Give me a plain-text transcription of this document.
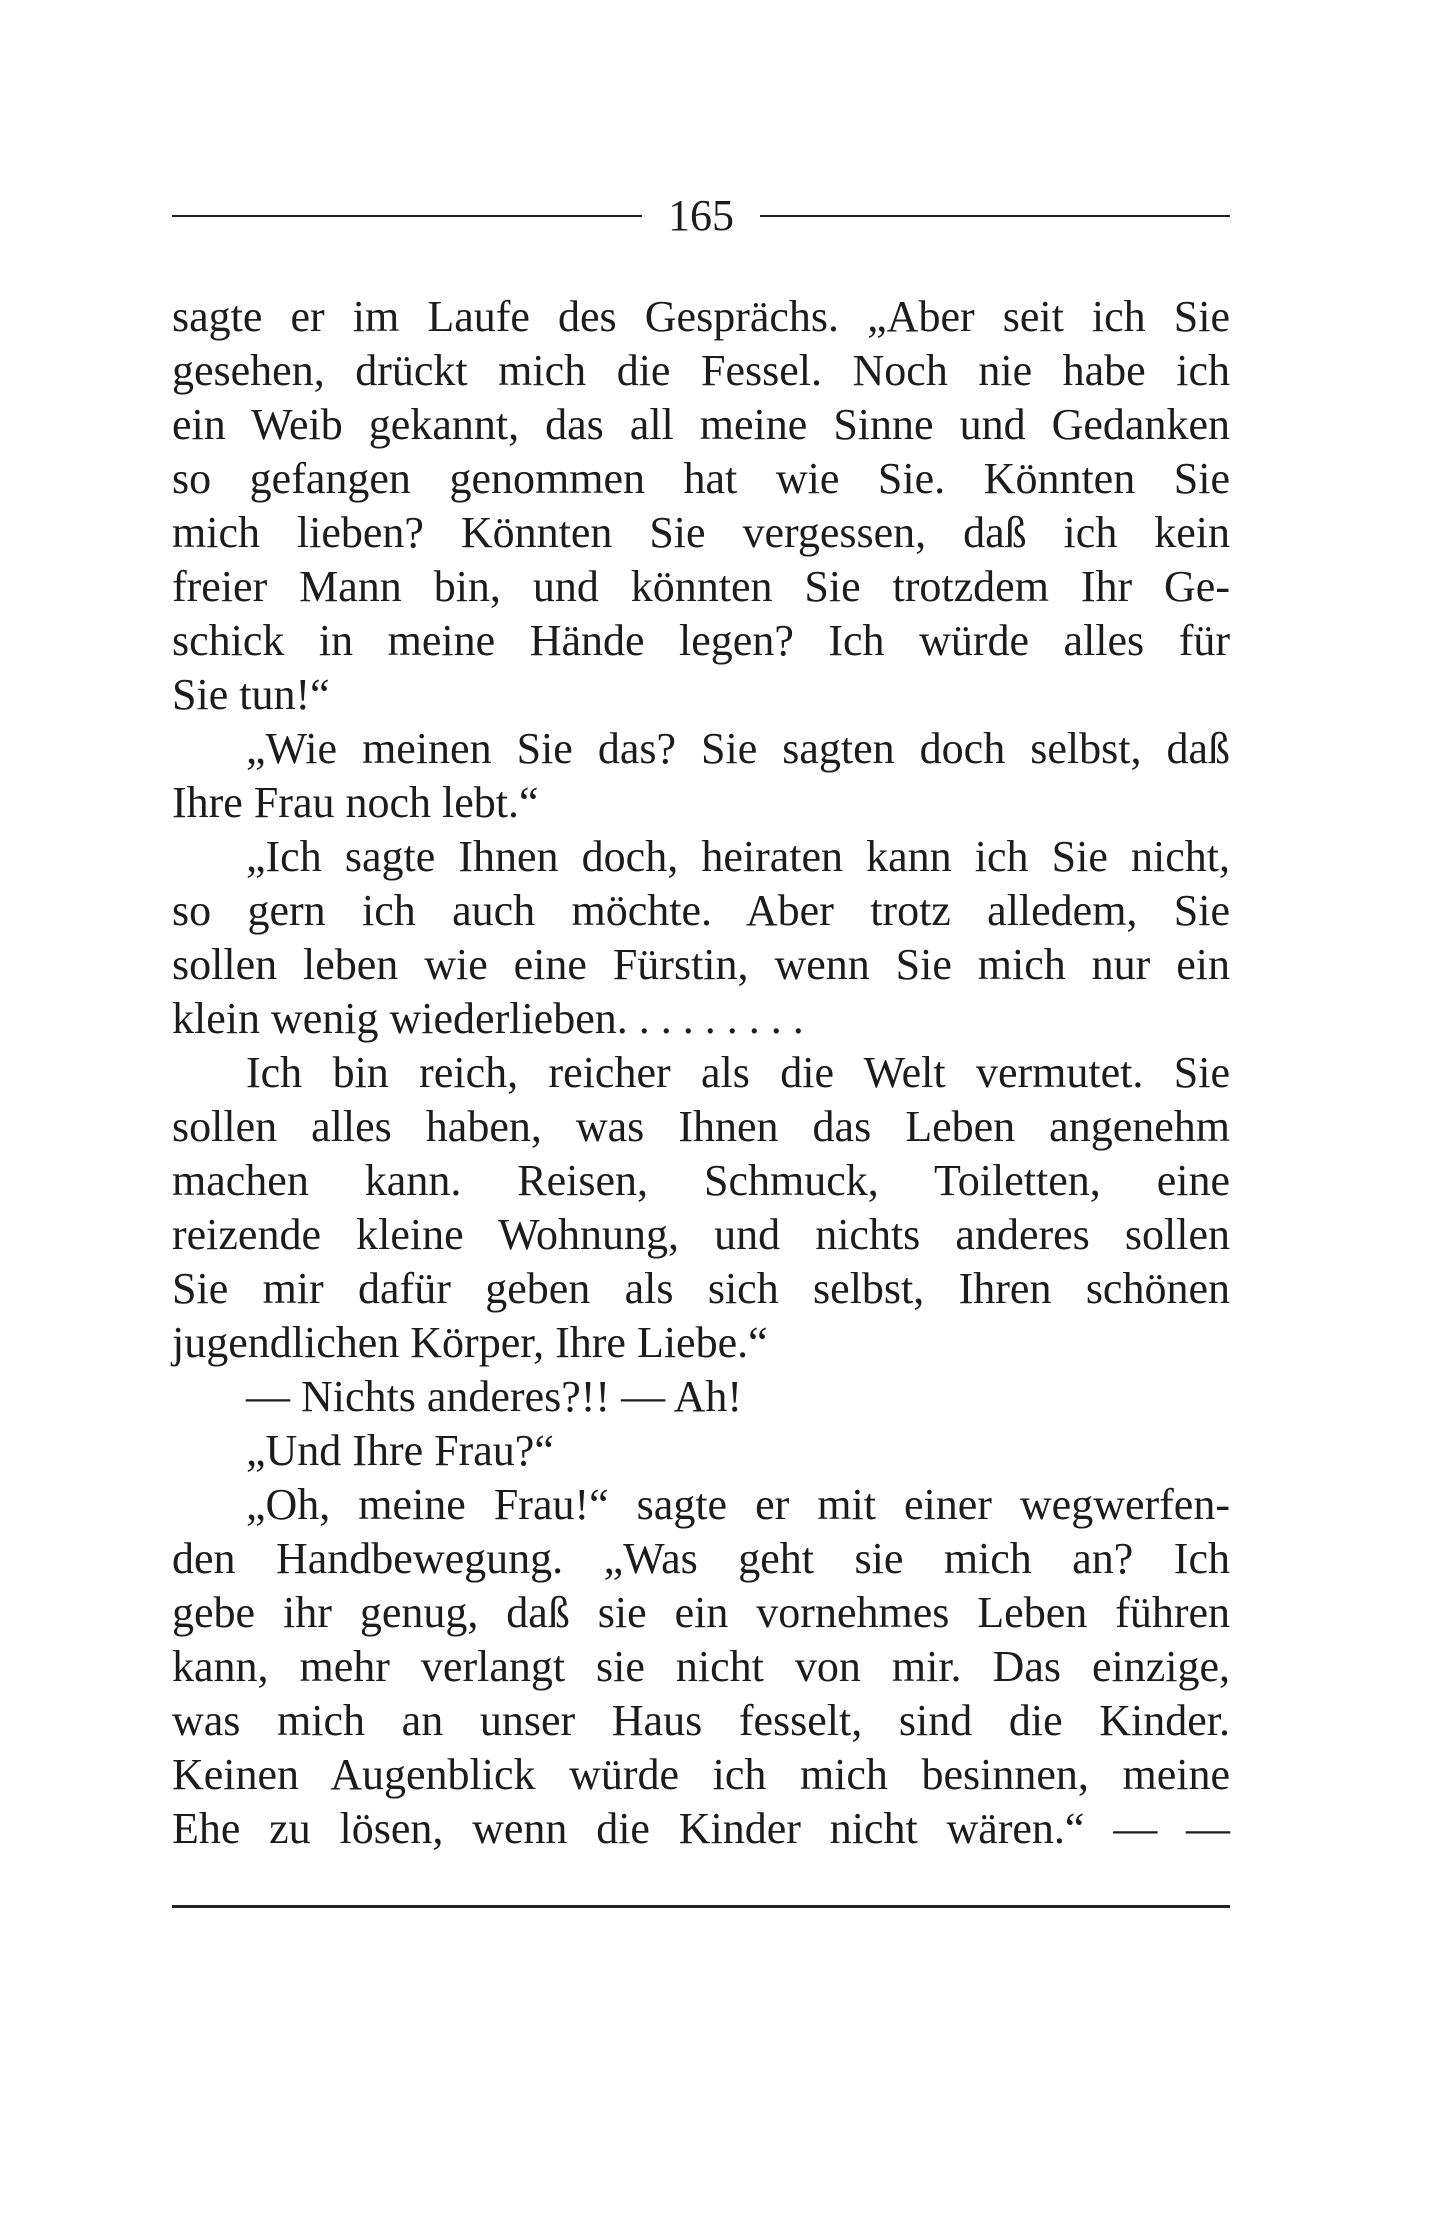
165
sagte er im Laufe des Gesprächs. „Aber seit ich Sie
gesehen, drückt mich die Fessel. Noch nie habe ich
ein Weib gekannt, das all meine Sinne und Gedanken
so gefangen genommen hat wie Sie. Könnten Sie
mich lieben? Könnten Sie vergessen, daß ich kein
freier Mann bin, und könnten Sie trotzdem Ihr Ge-
schick in meine Hände legen? Ich würde alles für
Sie tun!“
„Wie meinen Sie das? Sie sagten doch selbst, daß
Ihre Frau noch lebt.“
„Ich sagte Ihnen doch, heiraten kann ich Sie nicht,
so gern ich auch möchte. Aber trotz alledem, Sie
sollen leben wie eine Fürstin, wenn Sie mich nur ein
klein wenig wiederlieben. . . . . . . . .
Ich bin reich, reicher als die Welt vermutet. Sie
sollen alles haben, was Ihnen das Leben angenehm
machen kann. Reisen, Schmuck, Toiletten, eine
reizende kleine Wohnung, und nichts anderes sollen
Sie mir dafür geben als sich selbst, Ihren schönen
jugendlichen Körper, Ihre Liebe.“
— Nichts anderes?!! — Ah!
„Und Ihre Frau?“
„Oh, meine Frau!“ sagte er mit einer wegwerfen-
den Handbewegung. „Was geht sie mich an? Ich
gebe ihr genug, daß sie ein vornehmes Leben führen
kann, mehr verlangt sie nicht von mir. Das einzige,
was mich an unser Haus fesselt, sind die Kinder.
Keinen Augenblick würde ich mich besinnen, meine
Ehe zu lösen, wenn die Kinder nicht wären.“ — —
